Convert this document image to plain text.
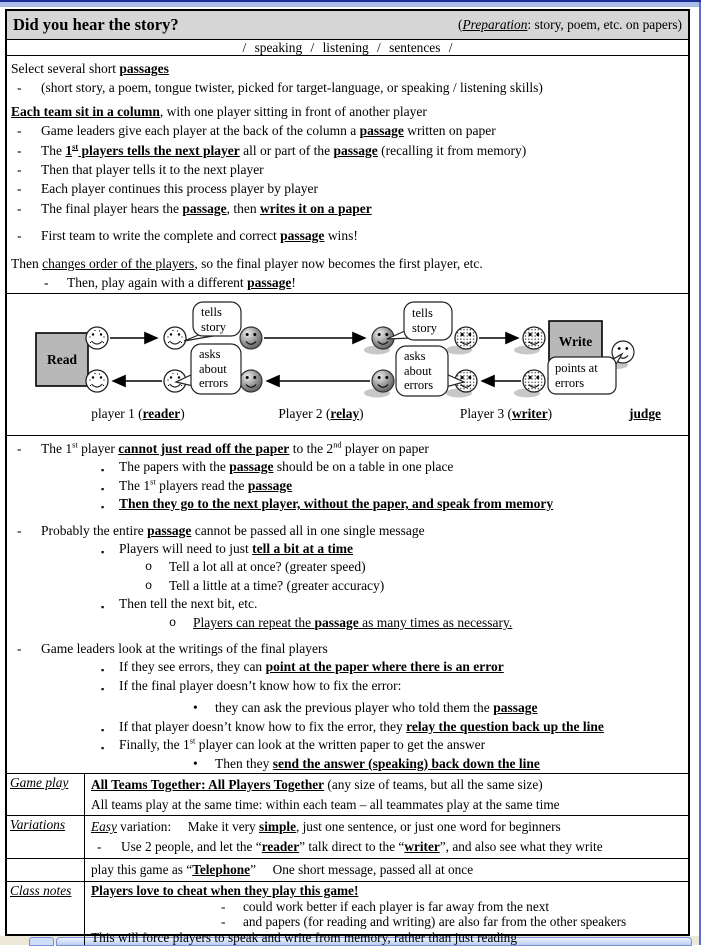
Did you hear the story?	(Preparation: story, poem, etc. on papers)
/ speaking / listening / sentences /
Select several short passages
- (short story, a poem, tongue twister, picked for target-language, or speaking / listening skills)
Each team sit in a column, with one player sitting in front of another player
- Game leaders give each player at the back of the column a passage written on paper
- The 1st players tells the next player all or part of the passage (recalling it from memory)
- Then that player tells it to the next player
- Each player continues this process player by player
- The final player hears the passage, then writes it on a paper
- First team to write the complete and correct passage wins!
Then changes order of the players, so the final player now becomes the first player, etc.
- Then, play again with a different passage!
Read
Write
tells
story
asks
about
errors
tells
story
asks
about
errors
points at
errors
player 1 (reader)	Player 2 (relay)	Player 3 (writer)	judge
- The 1st player cannot just read off the paper to the 2nd player on paper
▪ The papers with the passage should be on a table in one place
▪ The 1st players read the passage
▪ Then they go to the next player, without the paper, and speak from memory
- Probably the entire passage cannot be passed all in one single message
▪ Players will need to just tell a bit at a time
o Tell a lot all at once? (greater speed)
o Tell a little at a time? (greater accuracy)
▪ Then tell the next bit, etc.
o Players can repeat the passage as many times as necessary.
- Game leaders look at the writings of the final players
▪ If they see errors, they can point at the paper where there is an error
▪ If the final player doesn’t know how to fix the error:
• they can ask the previous player who told them the passage
▪ If that player doesn’t know how to fix the error, they relay the question back up the line
▪ Finally, the 1st player can look at the written paper to get the answer
• Then they send the answer (speaking) back down the line
Game play	All Teams Together: All Players Together (any size of teams, but all the same size)
All teams play at the same time: within each team – all teammates play at the same time
Variations	Easy variation:     Make it very simple, just one sentence, or just one word for beginners
- Use 2 people, and let the “reader” talk direct to the “writer”, and also see what they write
play this game as “Telephone”     One short message, passed all at once
Class notes	Players love to cheat when they play this game!
- could work better if each player is far away from the next
- and papers (for reading and writing) are also far from the other speakers
This will force players to speak and write from memory, rather than just reading
